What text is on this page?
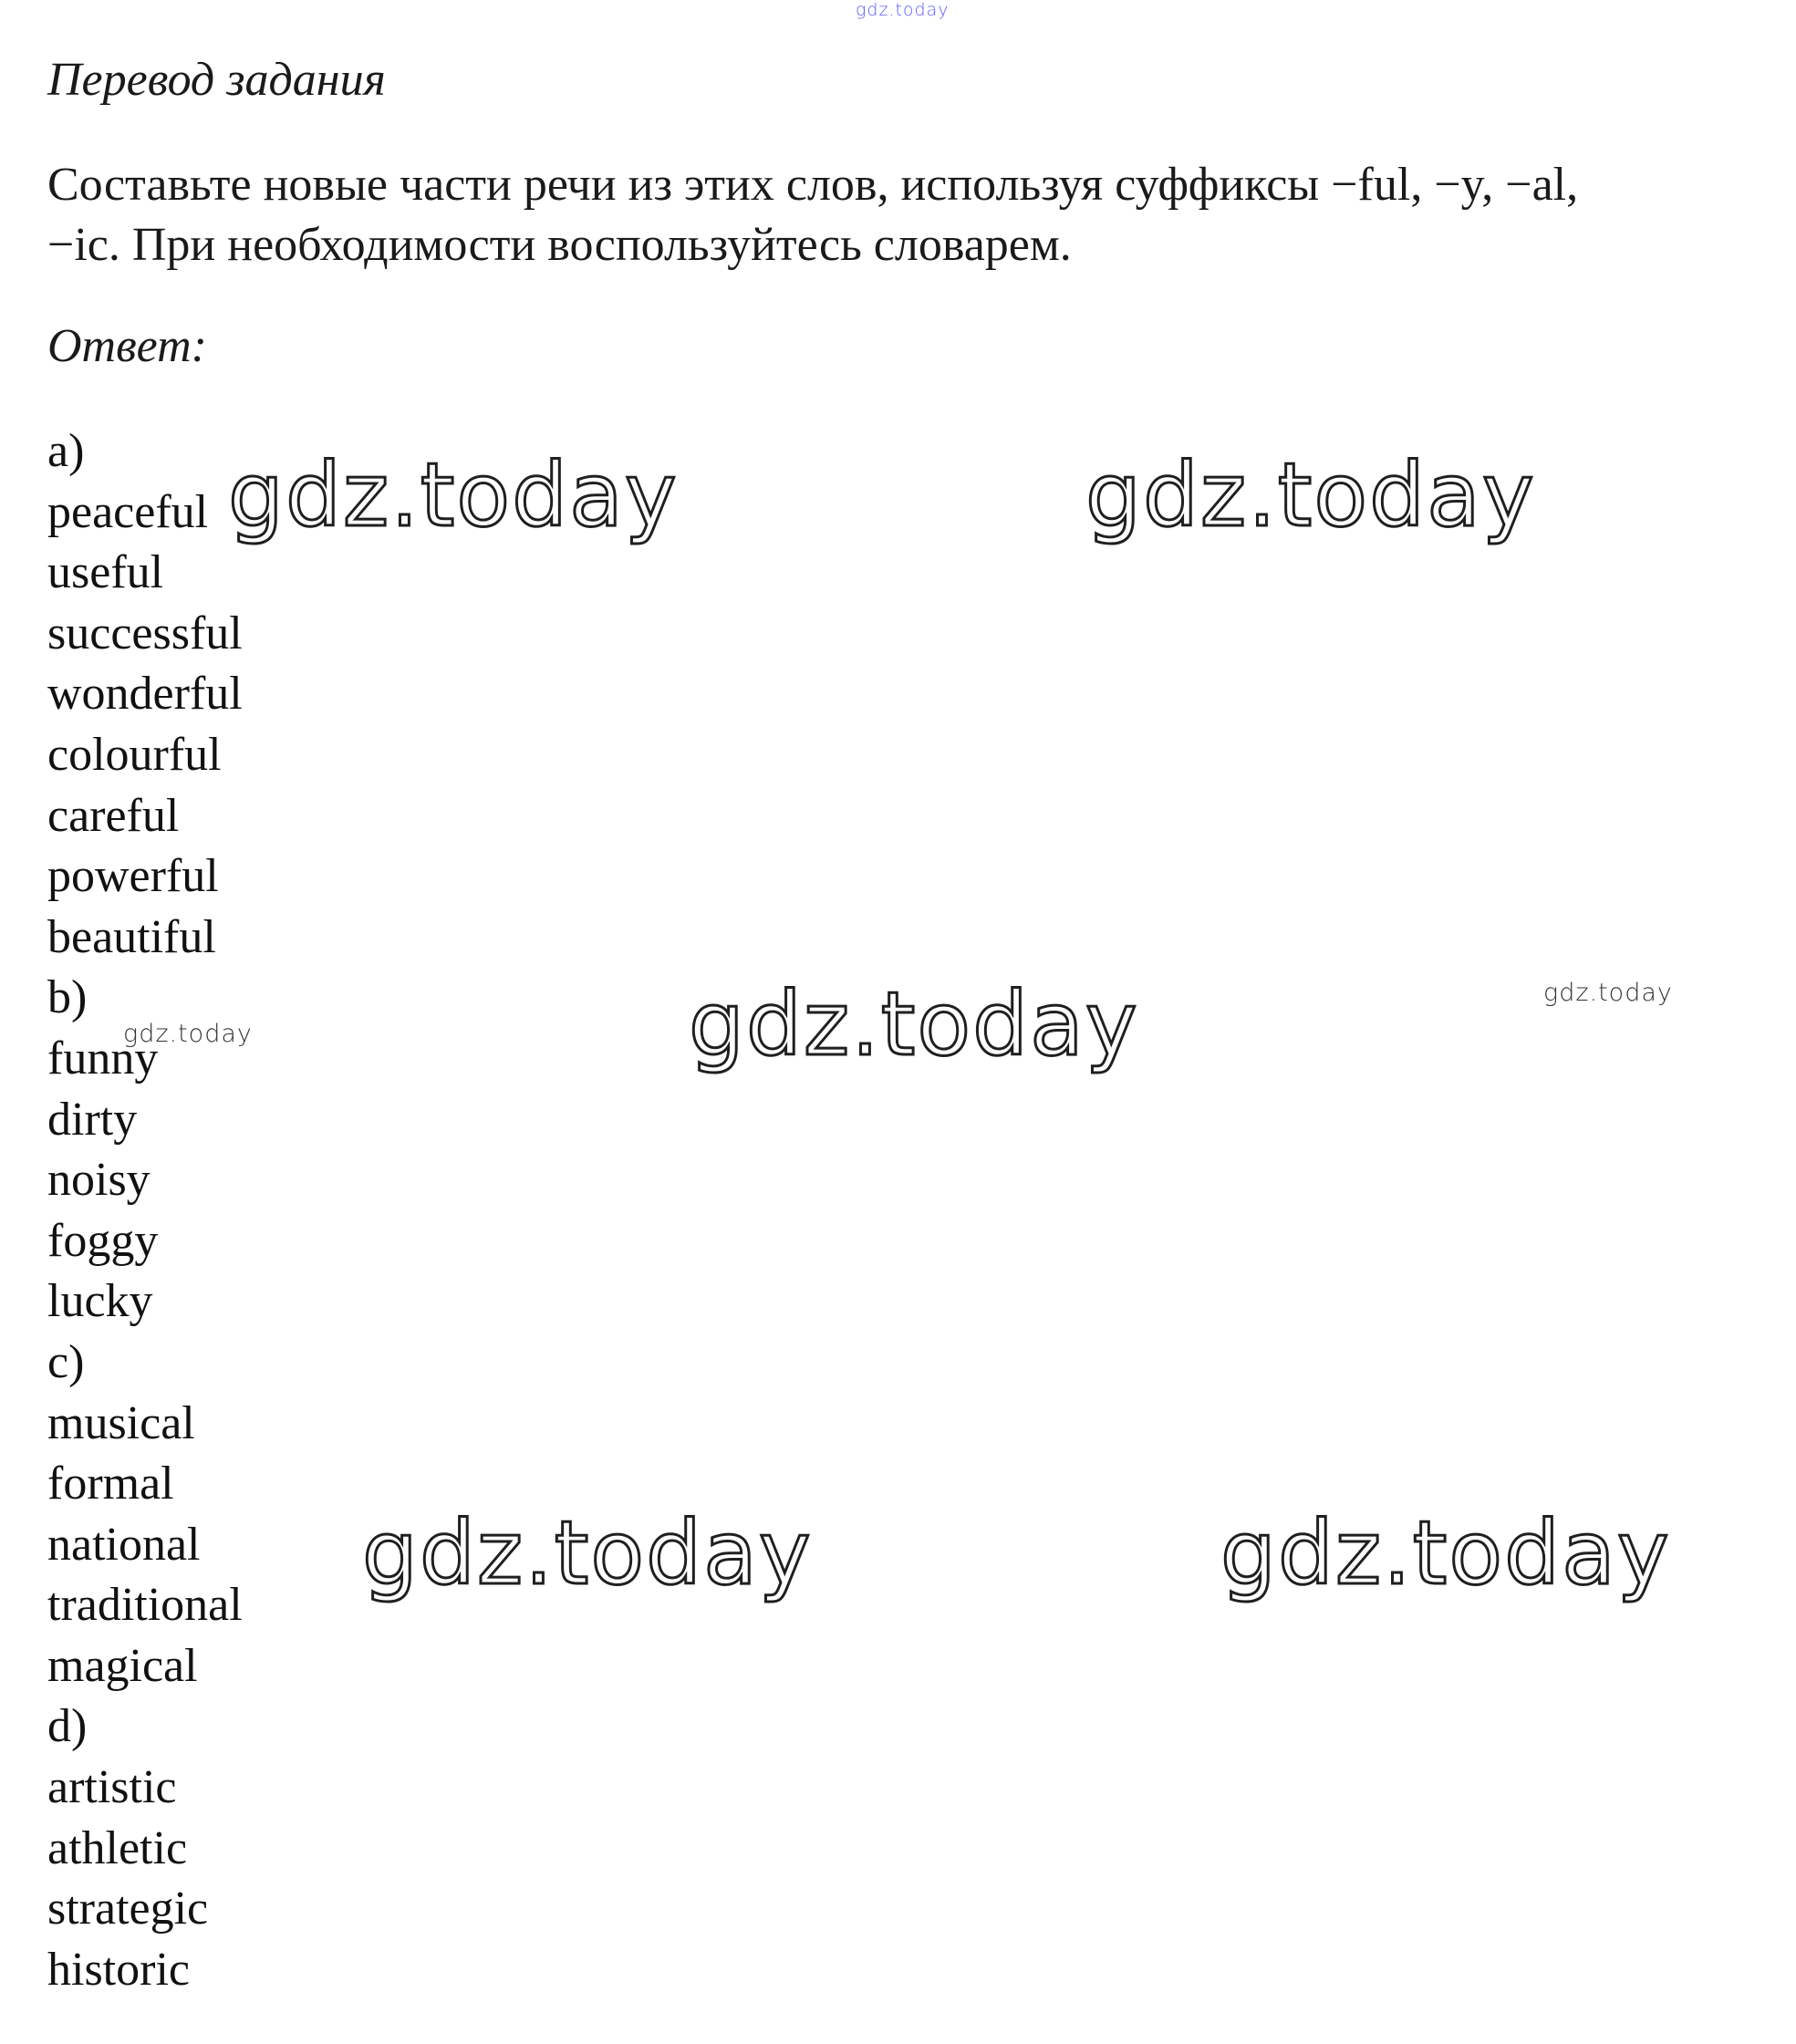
Перевод задания

Составьте новые части речи из этих слов, используя суффиксы −ful, −y, −al,

−ic. При необходимости воспользуйтесь словарем.

Ответ:
a)
peaceful
useful
successful
wonderful
colourful
careful
powerful
beautiful
b)
funny
dirty
noisy
foggy
lucky
c)
musical
formal
national
traditional
magical
d)
artistic
athletic
strategic
historic
gdz.today
gdz.today	gdz.today
gdz.today	gdz.today
gdz.today
gdz.today	gdz.today
